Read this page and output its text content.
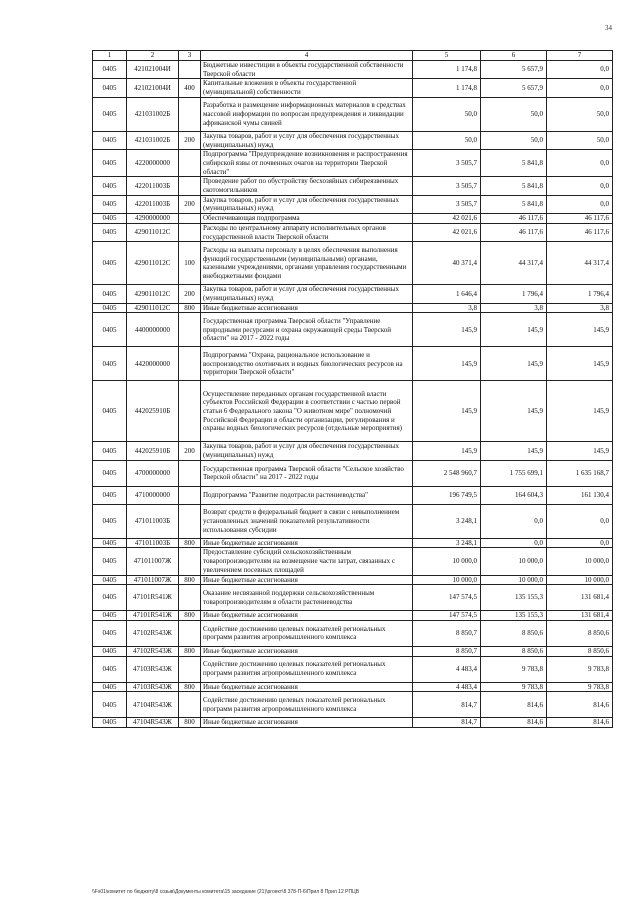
34
1	2	3	4	5	6	7
0405	421021004И		Бюджетные инвестиции в объекты государственной собственности Тверской области	1 174,8	5 657,9	0,0
0405	421021004И	400	Капитальные вложения в объекты государственной (муниципальной) собственности	1 174,8	5 657,9	0,0
0405	421031002Б		Разработка и размещение информационных материалов в средствах массовой информации по вопросам предупреждения и ликвидации африканской чумы свиней	50,0	50,0	50,0
0405	421031002Б	200	Закупка товаров, работ и услуг для обеспечения государственных (муниципальных) нужд	50,0	50,0	50,0
0405	4220000000		Подпрограмма "Предупреждение возникновения и распространения сибирской язвы от почвенных очагов на территории Тверской области"	3 505,7	5 841,8	0,0
0405	422011003Б		Проведение работ по обустройству бесхозяйных сибиреязвенных скотомогильников	3 505,7	5 841,8	0,0
0405	422011003Б	200	Закупка товаров, работ и услуг для обеспечения государственных (муниципальных) нужд	3 505,7	5 841,8	0,0
0405	4290000000		Обеспечивающая подпрограмма	42 021,6	46 117,6	46 117,6
0405	429011012С		Расходы по центральному аппарату исполнительных органов государственной власти Тверской области	42 021,6	46 117,6	46 117,6
0405	429011012С	100	Расходы на выплаты персоналу в целях обеспечения выполнения функций государственными (муниципальными) органами, казенными учреждениями, органами управления государственными внебюджетными фондами	40 371,4	44 317,4	44 317,4
0405	429011012С	200	Закупка товаров, работ и услуг для обеспечения государственных (муниципальных) нужд	1 646,4	1 796,4	1 796,4
0405	429011012С	800	Иные бюджетные ассигнования	3,8	3,8	3,8
0405	4400000000		Государственная программа Тверской области "Управление природными ресурсами и охрана окружающей среды Тверской области" на 2017 - 2022 годы	145,9	145,9	145,9
0405	4420000000		Подпрограмма "Охрана, рациональное использование и воспроизводство охотничьих и водных биологических ресурсов на территории Тверской области"	145,9	145,9	145,9
0405	442025910Б		Осуществление переданных органам государственной власти субъектов Российской Федерации в соответствии с частью первой статьи 6 Федерального закона "О животном мире" полномочий Российской Федерации в области организации, регулирования и охраны водных биологических ресурсов (отдельные мероприятия)	145,9	145,9	145,9
0405	442025910Б	200	Закупка товаров, работ и услуг для обеспечения государственных (муниципальных) нужд	145,9	145,9	145,9
0405	4700000000		Государственная программа Тверской области "Сельское хозяйство Тверской области" на 2017 - 2022 годы	2 548 960,7	1 755 699,1	1 635 168,7
0405	4710000000		Подпрограмма "Развитие подотрасли растениеводства"	196 749,5	164 604,3	161 130,4
0405	471011003Б		Возврат средств в федеральный бюджет в связи с невыполнением установленных значений показателей результативности использования субсидии	3 248,1	0,0	0,0
0405	471011003Б	800	Иные бюджетные ассигнования	3 248,1	0,0	0,0
0405	471011007Ж		Предоставление субсидий сельскохозяйственным товаропроизводителям на возмещение части затрат, связанных с увеличением посевных площадей	10 000,0	10 000,0	10 000,0
0405	471011007Ж	800	Иные бюджетные ассигнования	10 000,0	10 000,0	10 000,0
0405	47101R541Ж		Оказание несвязанной поддержки сельскохозяйственным товаропроизводителям в области растениеводства	147 574,5	135 155,3	131 681,4
0405	47101R541Ж	800	Иные бюджетные ассигнования	147 574,5	135 155,3	131 681,4
0405	47102R543Ж		Содействие достижению целевых показателей региональных программ развития агропромышленного комплекса	8 850,7	8 850,6	8 850,6
0405	47102R543Ж	800	Иные бюджетные ассигнования	8 850,7	8 850,6	8 850,6
0405	47103R543Ж		Содействие достижению целевых показателей региональных программ развития агропромышленного комплекса	4 483,4	9 783,8	9 783,8
0405	47103R543Ж	800	Иные бюджетные ассигнования	4 483,4	9 783,8	9 783,8
0405	47104R543Ж		Содействие достижению целевых показателей региональных программ развития агропромышленного комплекса	814,7	814,6	814,6
0405	47104R543Ж	800	Иные бюджетные ассигнования	814,7	814,6	814,6
\\Fs01\комитет по бюджету\8 созыв\Документы комитета\15 заседание (21)\proект\8 378-П-6\Прил 8 Прил 12 РПЦВ
